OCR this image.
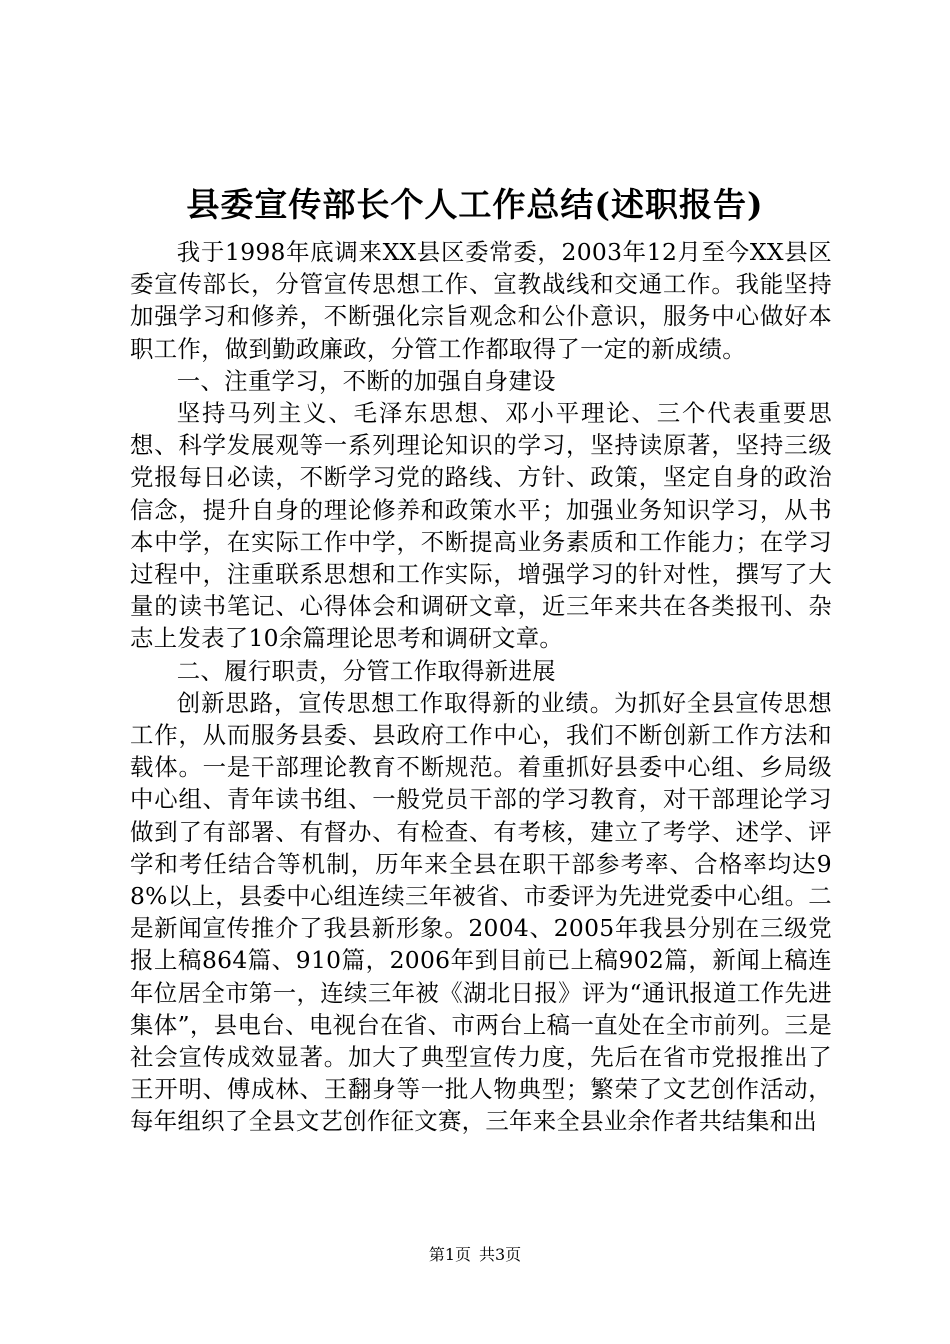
县委宣传部长个人工作总结(述职报告)

我于1998年底调来XX县区委常委，2003年12月至今XX县区委宣传部长，分管宣传思想工作、宣教战线和交通工作。我能坚持加强学习和修养，不断强化宗旨观念和公仆意识，服务中心做好本职工作，做到勤政廉政，分管工作都取得了一定的新成绩。

一、注重学习，不断的加强自身建设

坚持马列主义、毛泽东思想、邓小平理论、三个代表重要思想、科学发展观等一系列理论知识的学习，坚持读原著，坚持三级党报每日必读，不断学习党的路线、方针、政策，坚定自身的政治信念，提升自身的理论修养和政策水平；加强业务知识学习，从书本中学，在实际工作中学，不断提高业务素质和工作能力；在学习过程中，注重联系思想和工作实际，增强学习的针对性，撰写了大量的读书笔记、心得体会和调研文章，近三年来共在各类报刊、杂志上发表了10余篇理论思考和调研文章。

二、履行职责，分管工作取得新进展

创新思路，宣传思想工作取得新的业绩。为抓好全县宣传思想工作，从而服务县委、县政府工作中心，我们不断创新工作方法和载体。一是干部理论教育不断规范。着重抓好县委中心组、乡局级中心组、青年读书组、一般党员干部的学习教育，对干部理论学习做到了有部署、有督办、有检查、有考核，建立了考学、述学、评学和考任结合等机制，历年来全县在职干部参考率、合格率均达98%以上，县委中心组连续三年被省、市委评为先进党委中心组。二是新闻宣传推介了我县新形象。2004、2005年我县分别在三级党报上稿864篇、910篇，2006年到目前已上稿902篇，新闻上稿连年位居全市第一，连续三年被《湖北日报》评为“通讯报道工作先进集体”，县电台、电视台在省、市两台上稿一直处在全市前列。三是社会宣传成效显著。加大了典型宣传力度，先后在省市党报推出了王开明、傅成林、王翻身等一批人物典型；繁荣了文艺创作活动，每年组织了全县文艺创作征文赛，三年来全县业余作者共结集和出

第1页 共3页
